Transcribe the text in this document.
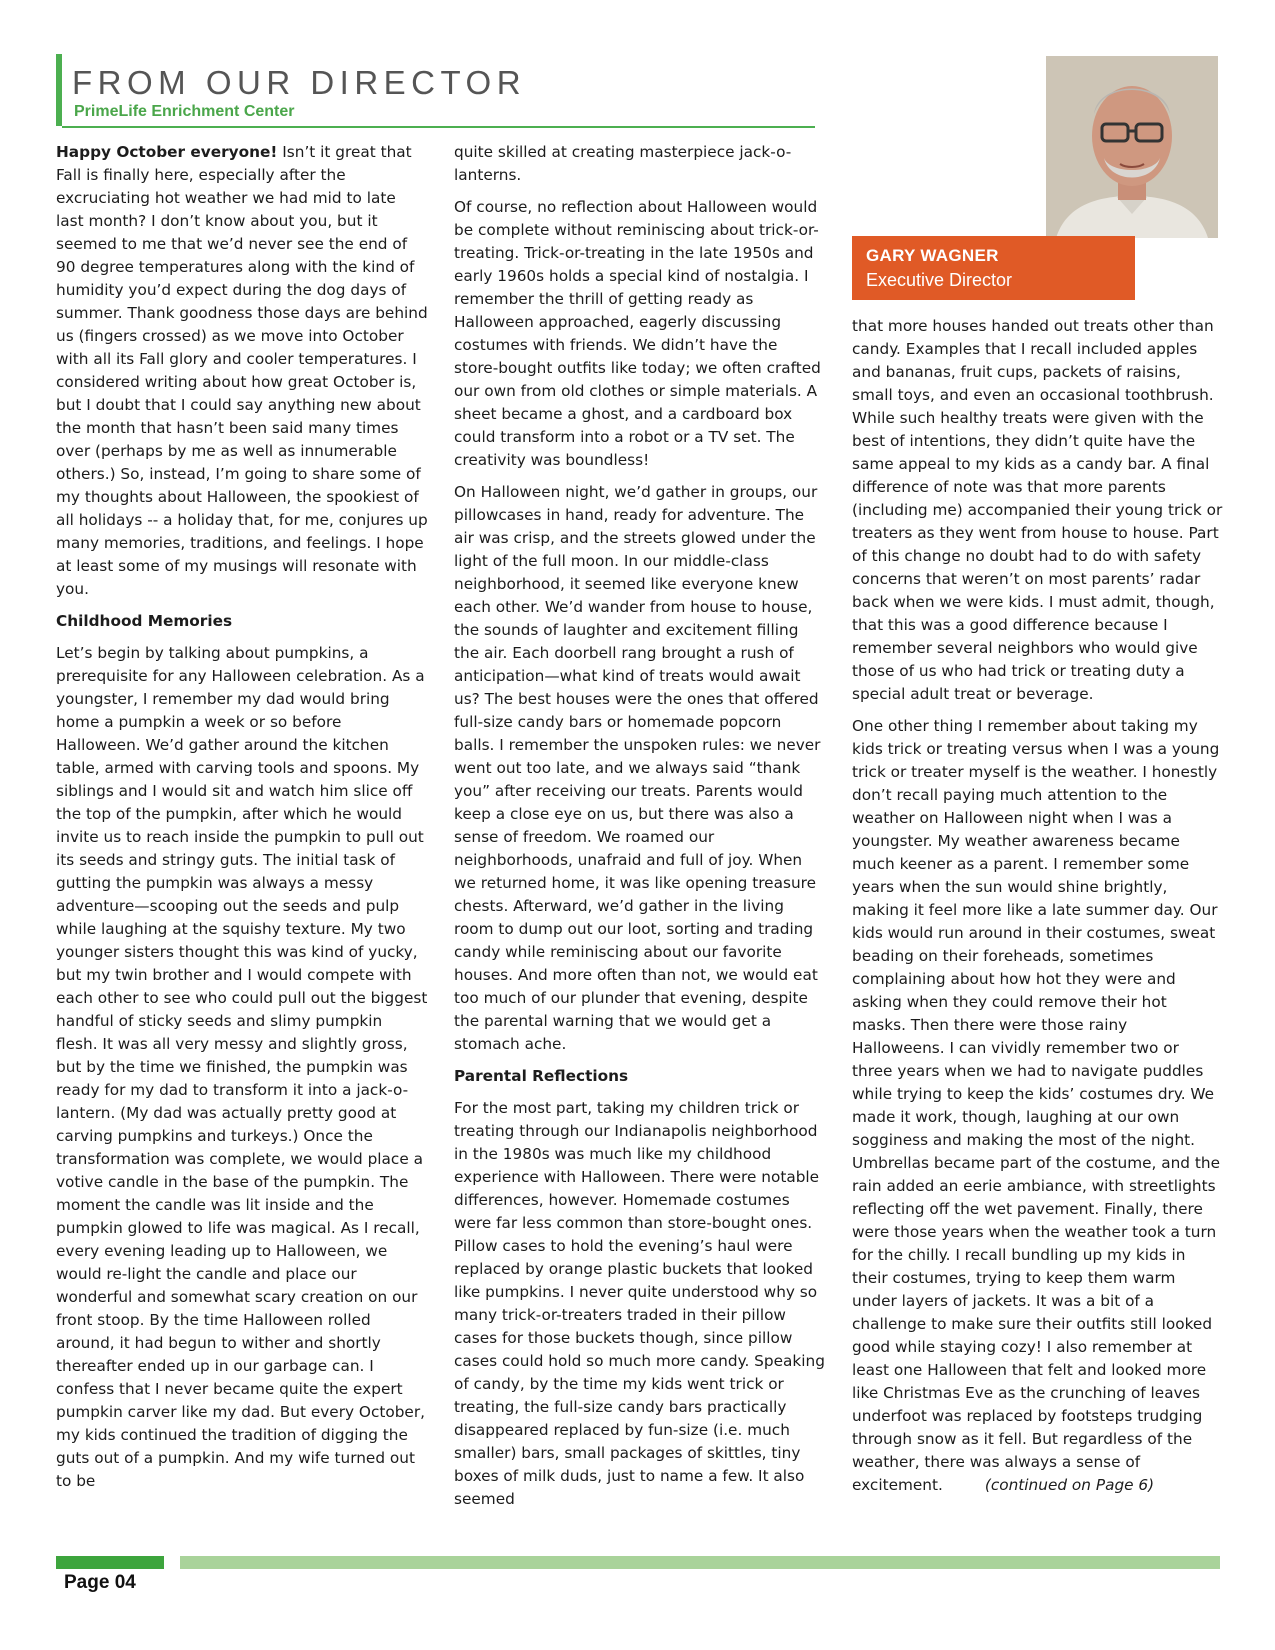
FROM OUR DIRECTOR
PrimeLife Enrichment Center
GARY WAGNER
Executive Director

Happy October everyone! Isn’t it great that Fall is finally here, especially after the excruciating hot weather we had mid to late last month? I don’t know about you, but it seemed to me that we’d never see the end of 90 degree temperatures along with the kind of humidity you’d expect during the dog days of summer. Thank goodness those days are behind us (fingers crossed) as we move into October with all its Fall glory and cooler temperatures. I considered writing about how great October is, but I doubt that I could say anything new about the month that hasn’t been said many times over (perhaps by me as well as innumerable others.) So, instead, I’m going to share some of my thoughts about Halloween, the spookiest of all holidays -- a holiday that, for me, conjures up many memories, traditions, and feelings. I hope at least some of my musings will resonate with you.

Childhood Memories

Let’s begin by talking about pumpkins, a prerequisite for any Halloween celebration. As a youngster, I remember my dad would bring home a pumpkin a week or so before Halloween. We’d gather around the kitchen table, armed with carving tools and spoons. My siblings and I would sit and watch him slice off the top of the pumpkin, after which he would invite us to reach inside the pumpkin to pull out its seeds and stringy guts. The initial task of gutting the pumpkin was always a messy adventure—scooping out the seeds and pulp while laughing at the squishy texture. My two younger sisters thought this was kind of yucky, but my twin brother and I would compete with each other to see who could pull out the biggest handful of sticky seeds and slimy pumpkin flesh. It was all very messy and slightly gross, but by the time we finished, the pumpkin was ready for my dad to transform it into a jack-o-lantern. (My dad was actually pretty good at carving pumpkins and turkeys.) Once the transformation was complete, we would place a votive candle in the base of the pumpkin. The moment the candle was lit inside and the pumpkin glowed to life was magical. As I recall, every evening leading up to Halloween, we would re-light the candle and place our wonderful and somewhat scary creation on our front stoop. By the time Halloween rolled around, it had begun to wither and shortly thereafter ended up in our garbage can. I confess that I never became quite the expert pumpkin carver like my dad. But every October, my kids continued the tradition of digging the guts out of a pumpkin. And my wife turned out to be

quite skilled at creating masterpiece jack-o-lanterns.

Of course, no reflection about Halloween would be complete without reminiscing about trick-or-treating. Trick-or-treating in the late 1950s and early 1960s holds a special kind of nostalgia. I remember the thrill of getting ready as Halloween approached, eagerly discussing costumes with friends. We didn’t have the store-bought outfits like today; we often crafted our own from old clothes or simple materials. A sheet became a ghost, and a cardboard box could transform into a robot or a TV set. The creativity was boundless!

On Halloween night, we’d gather in groups, our pillowcases in hand, ready for adventure. The air was crisp, and the streets glowed under the light of the full moon. In our middle-class neighborhood, it seemed like everyone knew each other. We’d wander from house to house, the sounds of laughter and excitement filling the air. Each doorbell rang brought a rush of anticipation—what kind of treats would await us? The best houses were the ones that offered full-size candy bars or homemade popcorn balls. I remember the unspoken rules: we never went out too late, and we always said “thank you” after receiving our treats. Parents would keep a close eye on us, but there was also a sense of freedom. We roamed our neighborhoods, unafraid and full of joy. When we returned home, it was like opening treasure chests. Afterward, we’d gather in the living room to dump out our loot, sorting and trading candy while reminiscing about our favorite houses. And more often than not, we would eat too much of our plunder that evening, despite the parental warning that we would get a stomach ache.

Parental Reflections

For the most part, taking my children trick or treating through our Indianapolis neighborhood in the 1980s was much like my childhood experience with Halloween. There were notable differences, however. Homemade costumes were far less common than store-bought ones. Pillow cases to hold the evening’s haul were replaced by orange plastic buckets that looked like pumpkins. I never quite understood why so many trick-or-treaters traded in their pillow cases for those buckets though, since pillow cases could hold so much more candy. Speaking of candy, by the time my kids went trick or treating, the full-size candy bars practically disappeared replaced by fun-size (i.e. much smaller) bars, small packages of skittles, tiny boxes of milk duds, just to name a few. It also seemed

that more houses handed out treats other than candy. Examples that I recall included apples and bananas, fruit cups, packets of raisins, small toys, and even an occasional toothbrush. While such healthy treats were given with the best of intentions, they didn’t quite have the same appeal to my kids as a candy bar. A final difference of note was that more parents (including me) accompanied their young trick or treaters as they went from house to house. Part of this change no doubt had to do with safety concerns that weren’t on most parents’ radar back when we were kids. I must admit, though, that this was a good difference because I remember several neighbors who would give those of us who had trick or treating duty a special adult treat or beverage.

One other thing I remember about taking my kids trick or treating versus when I was a young trick or treater myself is the weather. I honestly don’t recall paying much attention to the weather on Halloween night when I was a youngster. My weather awareness became much keener as a parent. I remember some years when the sun would shine brightly, making it feel more like a late summer day. Our kids would run around in their costumes, sweat beading on their foreheads, sometimes complaining about how hot they were and asking when they could remove their hot masks. Then there were those rainy Halloweens. I can vividly remember two or three years when we had to navigate puddles while trying to keep the kids’ costumes dry. We made it work, though, laughing at our own sogginess and making the most of the night. Umbrellas became part of the costume, and the rain added an eerie ambiance, with streetlights reflecting off the wet pavement. Finally, there were those years when the weather took a turn for the chilly. I recall bundling up my kids in their costumes, trying to keep them warm under layers of jackets. It was a bit of a challenge to make sure their outfits still looked good while staying cozy! I also remember at least one Halloween that felt and looked more like Christmas Eve as the crunching of leaves underfoot was replaced by footsteps trudging through snow as it fell. But regardless of the weather, there was always a sense of excitement.	(continued on Page 6)

Page 04
